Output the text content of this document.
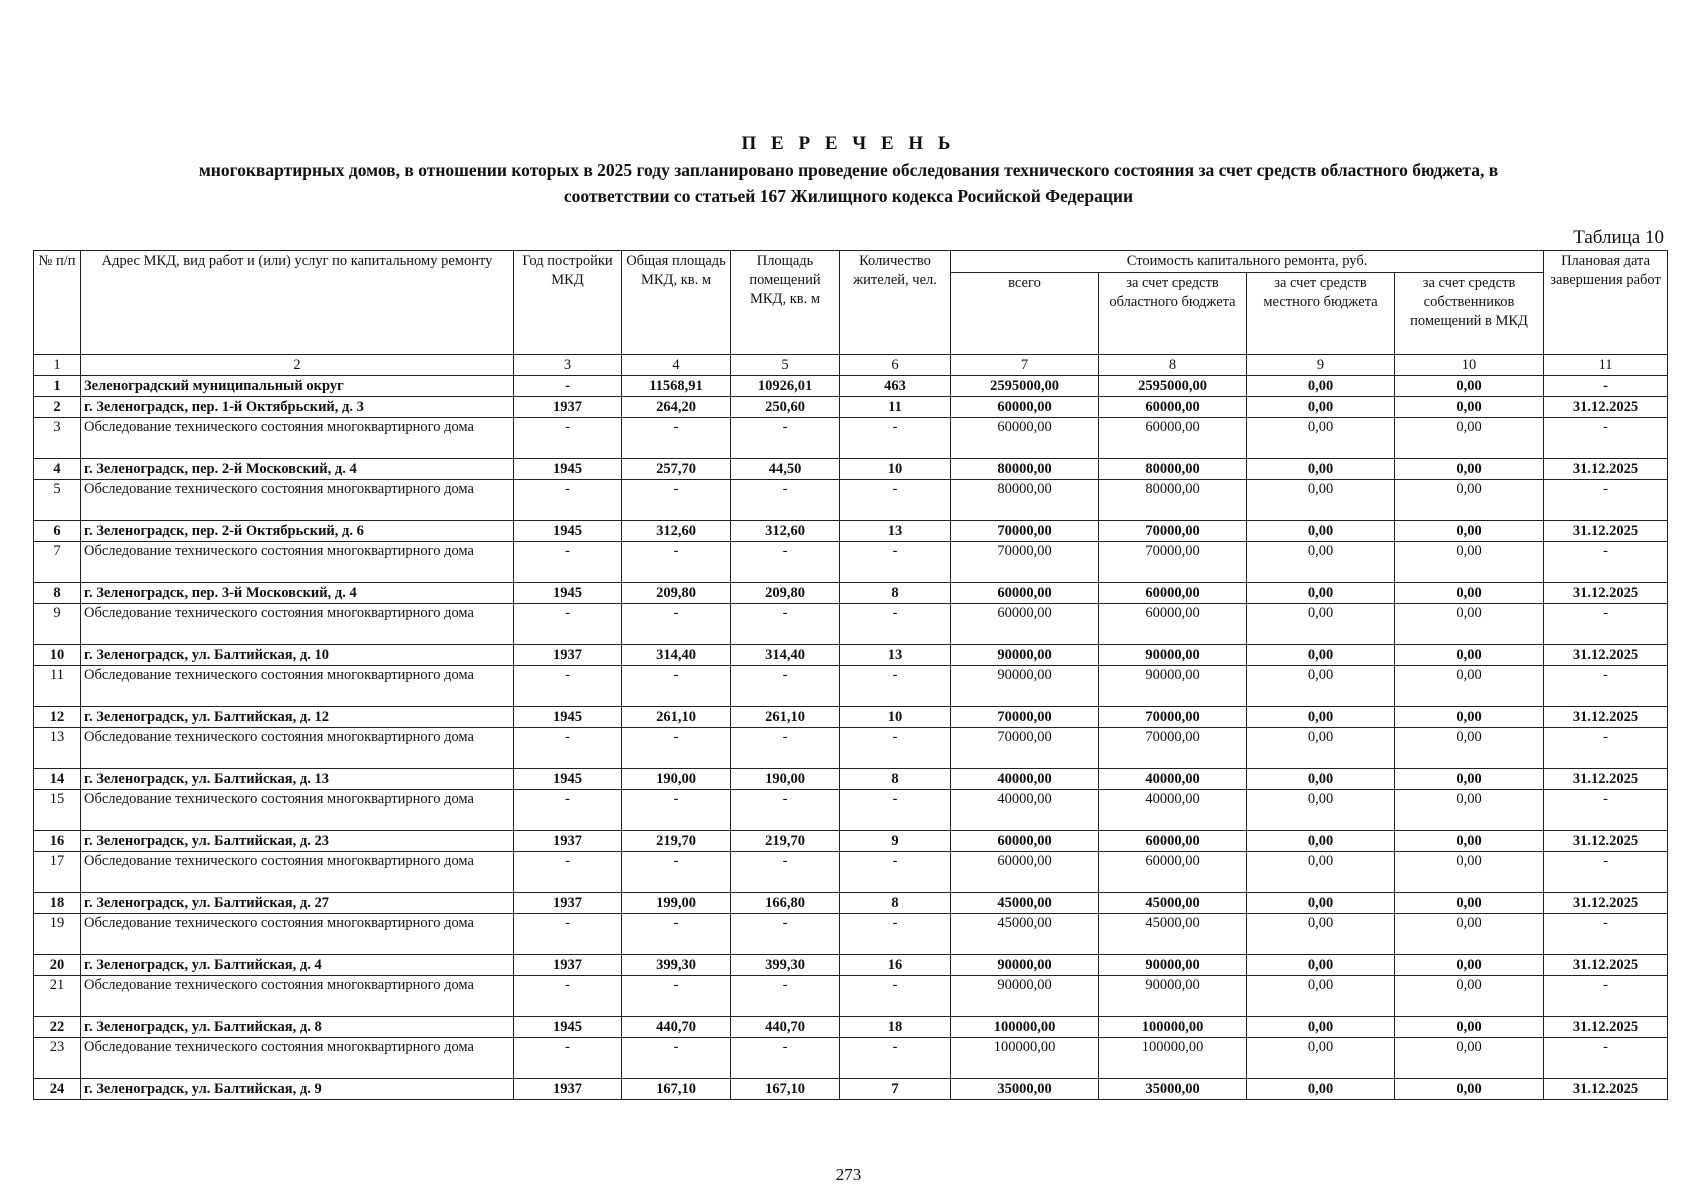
П Е Р Е Ч Е Н Ь
многоквартирных домов, в отношении которых в 2025 году запланировано проведение обследования технического состояния за счет средств областного бюджета, в
соответствии со статьей 167 Жилищного кодекса Росийской Федерации
Таблица 10
№ п/п	Адрес МКД, вид работ и (или) услуг по капитальному ремонту	Год постройки МКД	Общая площадь МКД, кв. м	Площадь помещений МКД, кв. м	Количество жителей, чел.	Стоимость капитального ремонта, руб.				Плановая дата завершения работ
						всего	за счет средств областного бюджета	за счет средств местного бюджета	за счет средств собственников помещений в МКД	
1	2	3	4	5	6	7	8	9	10	11
1	Зеленоградский муниципальный округ	-	11568,91	10926,01	463	2595000,00	2595000,00	0,00	0,00	-
2	г. Зеленоградск, пер. 1-й Октябрьский, д. 3	1937	264,20	250,60	11	60000,00	60000,00	0,00	0,00	31.12.2025
3	Обследование технического состояния многоквартирного дома	-	-	-	-	60000,00	60000,00	0,00	0,00	-
4	г. Зеленоградск, пер. 2-й Московский, д. 4	1945	257,70	44,50	10	80000,00	80000,00	0,00	0,00	31.12.2025
5	Обследование технического состояния многоквартирного дома	-	-	-	-	80000,00	80000,00	0,00	0,00	-
6	г. Зеленоградск, пер. 2-й Октябрьский, д. 6	1945	312,60	312,60	13	70000,00	70000,00	0,00	0,00	31.12.2025
7	Обследование технического состояния многоквартирного дома	-	-	-	-	70000,00	70000,00	0,00	0,00	-
8	г. Зеленоградск, пер. 3-й Московский, д. 4	1945	209,80	209,80	8	60000,00	60000,00	0,00	0,00	31.12.2025
9	Обследование технического состояния многоквартирного дома	-	-	-	-	60000,00	60000,00	0,00	0,00	-
10	г. Зеленоградск, ул. Балтийская, д. 10	1937	314,40	314,40	13	90000,00	90000,00	0,00	0,00	31.12.2025
11	Обследование технического состояния многоквартирного дома	-	-	-	-	90000,00	90000,00	0,00	0,00	-
12	г. Зеленоградск, ул. Балтийская, д. 12	1945	261,10	261,10	10	70000,00	70000,00	0,00	0,00	31.12.2025
13	Обследование технического состояния многоквартирного дома	-	-	-	-	70000,00	70000,00	0,00	0,00	-
14	г. Зеленоградск, ул. Балтийская, д. 13	1945	190,00	190,00	8	40000,00	40000,00	0,00	0,00	31.12.2025
15	Обследование технического состояния многоквартирного дома	-	-	-	-	40000,00	40000,00	0,00	0,00	-
16	г. Зеленоградск, ул. Балтийская, д. 23	1937	219,70	219,70	9	60000,00	60000,00	0,00	0,00	31.12.2025
17	Обследование технического состояния многоквартирного дома	-	-	-	-	60000,00	60000,00	0,00	0,00	-
18	г. Зеленоградск, ул. Балтийская, д. 27	1937	199,00	166,80	8	45000,00	45000,00	0,00	0,00	31.12.2025
19	Обследование технического состояния многоквартирного дома	-	-	-	-	45000,00	45000,00	0,00	0,00	-
20	г. Зеленоградск, ул. Балтийская, д. 4	1937	399,30	399,30	16	90000,00	90000,00	0,00	0,00	31.12.2025
21	Обследование технического состояния многоквартирного дома	-	-	-	-	90000,00	90000,00	0,00	0,00	-
22	г. Зеленоградск, ул. Балтийская, д. 8	1945	440,70	440,70	18	100000,00	100000,00	0,00	0,00	31.12.2025
23	Обследование технического состояния многоквартирного дома	-	-	-	-	100000,00	100000,00	0,00	0,00	-
24	г. Зеленоградск, ул. Балтийская, д. 9	1937	167,10	167,10	7	35000,00	35000,00	0,00	0,00	31.12.2025
273
